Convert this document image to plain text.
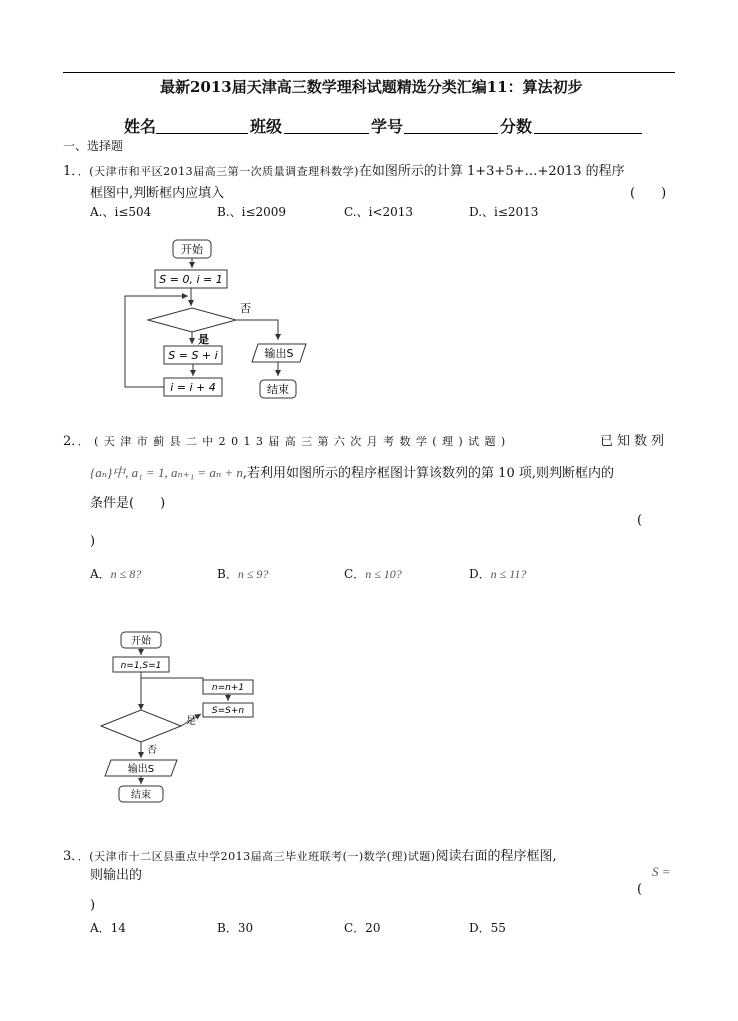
最新2013届天津高三数学理科试题精选分类汇编11：算法初步
姓名	班级	学号	分数
一、选择题
1．．(天津市和平区2013届高三第一次质量调查理科数学)在如图所示的计算 1+3+5+…+2013 的程序
框图中,判断框内应填入	(　　)
A.、i≤504	B.、i≤2009	C.、i<2013	D.、i≤2013
开始
S = 0, i = 1
否
是
S = S + i
i = i + 4
输出S
结束
2．．(天津市蓟县二中2013届高三第六次月考数学(理)试题)	已知数列
{aₙ}中, a₁ = 1, aₙ₊₁ = aₙ + n,若利用如图所示的程序框图计算该数列的第 10 项,则判断框内的
条件是(　　)
(
)
A．n ≤ 8?	B．n ≤ 9?	C．n ≤ 10?	D．n ≤ 11?
开始
n=1,S=1
n=n+1
S=S+n
是
否
输出S
结束
3．．(天津市十二区县重点中学2013届高三毕业班联考(一)数学(理)试题)阅读右面的程序框图,
则输出的	S =
(
)
A．14	B．30	C．20	D．55
